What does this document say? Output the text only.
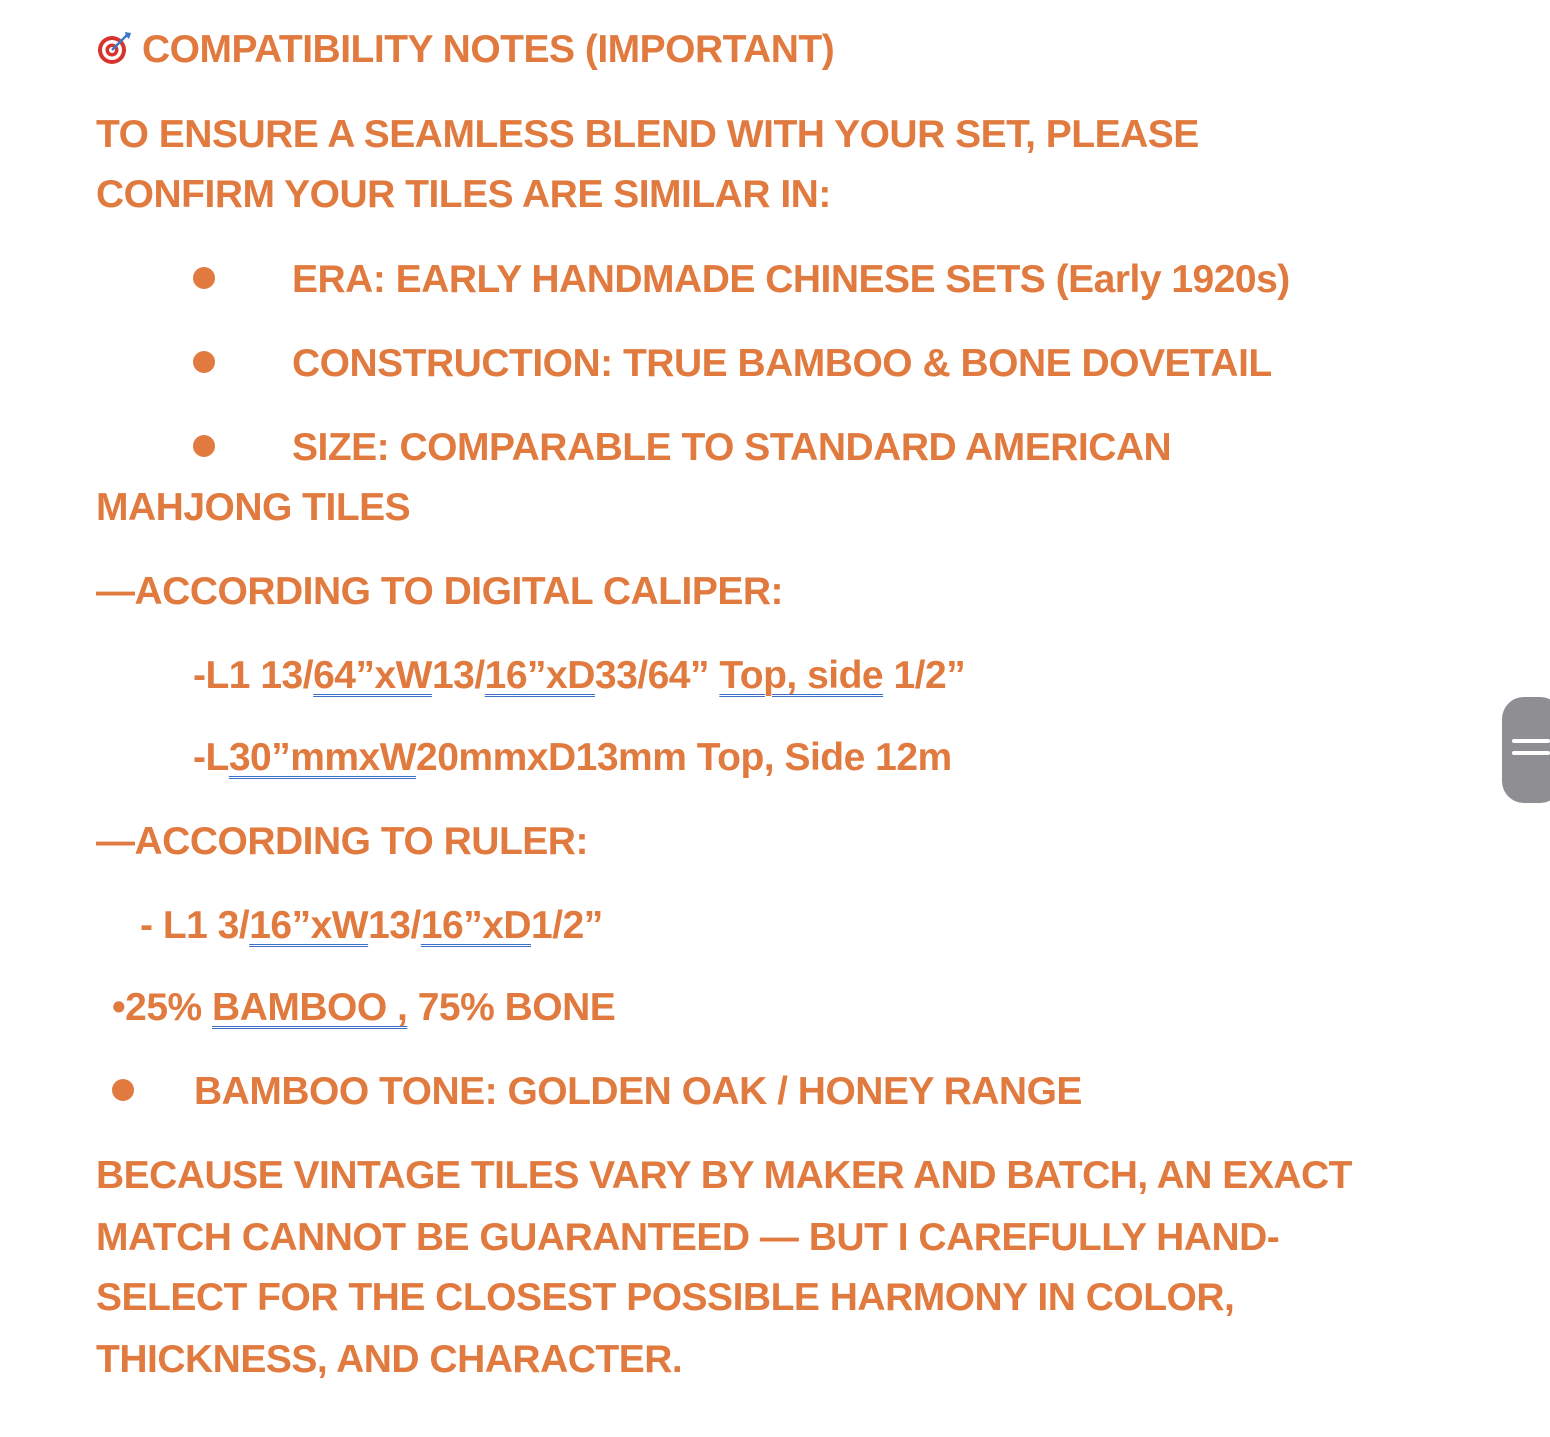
COMPATIBILITY NOTES (IMPORTANT)
TO ENSURE A SEAMLESS BLEND WITH YOUR SET, PLEASE
CONFIRM YOUR TILES ARE SIMILAR IN:
ERA: EARLY HANDMADE CHINESE SETS (Early 1920s)
CONSTRUCTION: TRUE BAMBOO & BONE DOVETAIL
SIZE: COMPARABLE TO STANDARD AMERICAN
MAHJONG TILES
—ACCORDING TO DIGITAL CALIPER:
-L1 13/64”xW13/16”xD33/64” Top, side 1/2”
-L30”mmxW20mmxD13mm Top, Side 12m
—ACCORDING TO RULER:
- L1 3/16”xW13/16”xD1/2”
•25% BAMBOO , 75% BONE
BAMBOO TONE: GOLDEN OAK / HONEY RANGE
BECAUSE VINTAGE TILES VARY BY MAKER AND BATCH, AN EXACT
MATCH CANNOT BE GUARANTEED — BUT I CAREFULLY HAND-
SELECT FOR THE CLOSEST POSSIBLE HARMONY IN COLOR,
THICKNESS, AND CHARACTER.
